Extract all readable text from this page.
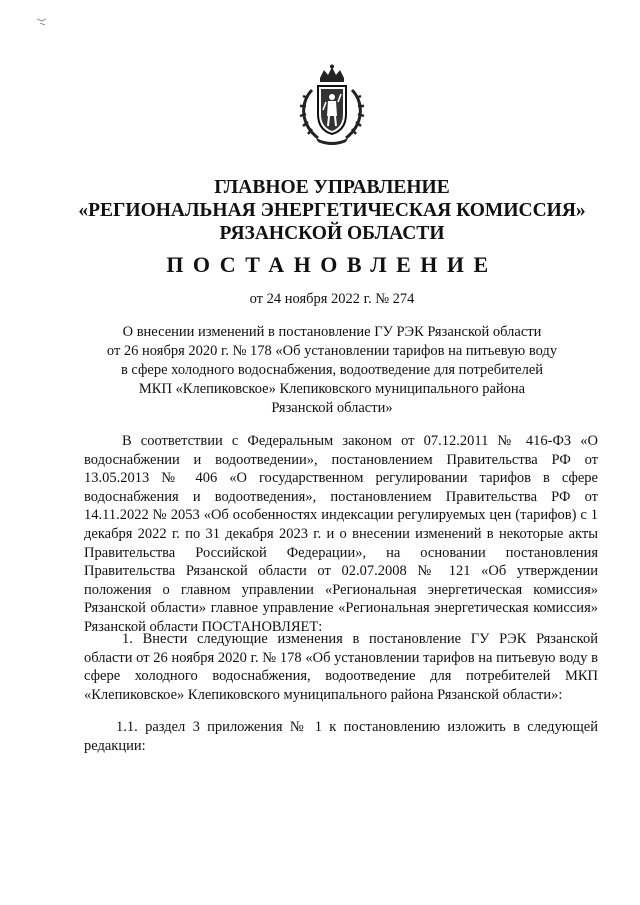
ГЛАВНОЕ УПРАВЛЕНИЕ
«РЕГИОНАЛЬНАЯ ЭНЕРГЕТИЧЕСКАЯ КОМИССИЯ»
РЯЗАНСКОЙ ОБЛАСТИ
ПОСТАНОВЛЕНИЕ
от 24 ноября 2022 г. № 274
О внесении изменений в постановление ГУ РЭК Рязанской области
от 26 ноября 2020 г. № 178 «Об установлении тарифов на питьевую воду
в сфере холодного водоснабжения, водоотведение для потребителей
МКП «Клепиковское» Клепиковского муниципального района
Рязанской области»

В соответствии с Федеральным законом от 07.12.2011 № 416-ФЗ «О водоснабжении и водоотведении», постановлением Правительства РФ от 13.05.2013 № 406 «О государственном регулировании тарифов в сфере водоснабжения и водоотведения», постановлением Правительства РФ от 14.11.2022 № 2053 «Об особенностях индексации регулируемых цен (тарифов) с 1 декабря 2022 г. по 31 декабря 2023 г. и о внесении изменений в некоторые акты Правительства Российской Федерации», на основании постановления Правительства Рязанской области от 02.07.2008 № 121 «Об утверждении положения о главном управлении «Региональная энергетическая комиссия» Рязанской области» главное управление «Региональная энергетическая комиссия» Рязанской области ПОСТАНОВЛЯЕТ:

1. Внести следующие изменения в постановление ГУ РЭК Рязанской области от 26 ноября 2020 г. № 178 «Об установлении тарифов на питьевую воду в сфере холодного водоснабжения, водоотведение для потребителей МКП «Клепиковское» Клепиковского муниципального района Рязанской области»:

1.1. раздел 3 приложения № 1 к постановлению изложить в следующей редакции:
